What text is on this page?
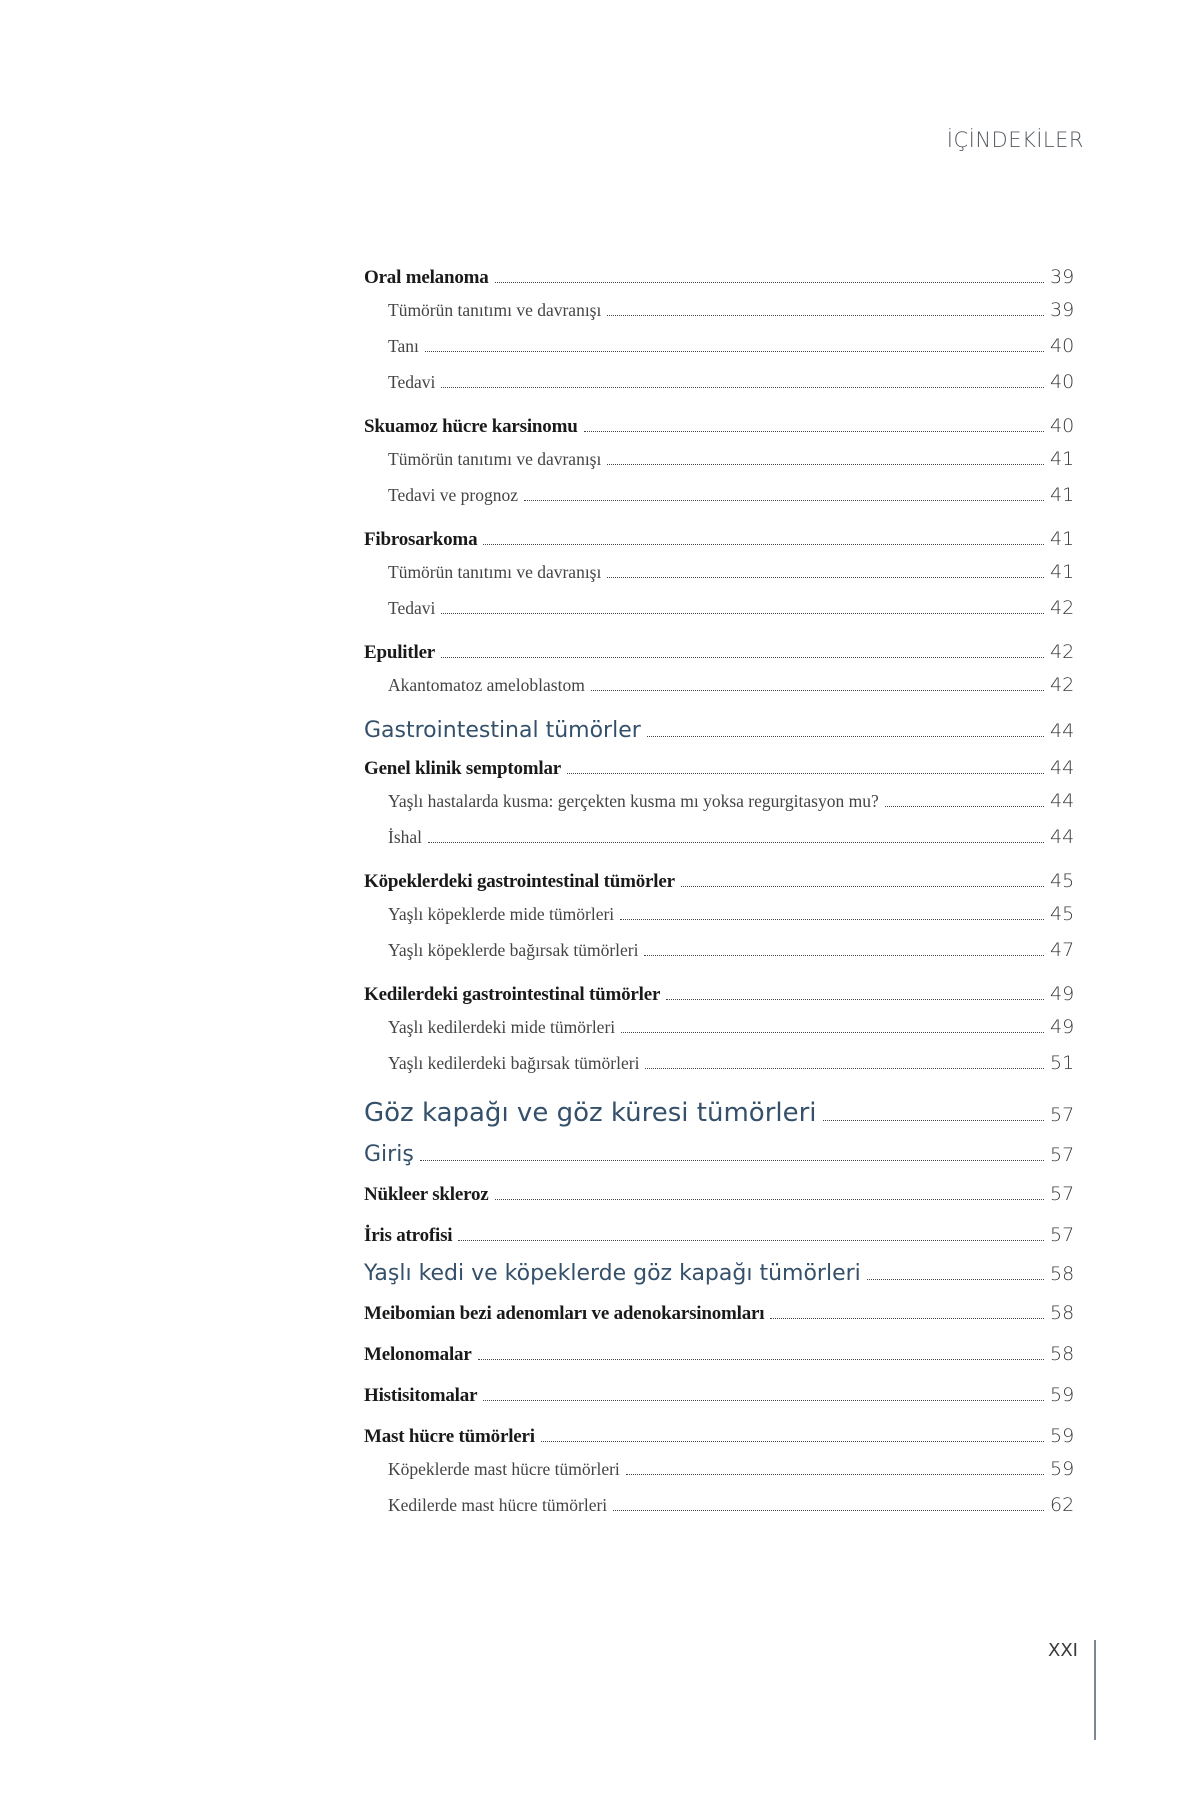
İÇİNDEKİLER
Oral melanoma	39
Tümörün tanıtımı ve davranışı	39
Tanı	40
Tedavi	40
Skuamoz hücre karsinomu	40
Tümörün tanıtımı ve davranışı	41
Tedavi ve prognoz	41
Fibrosarkoma	41
Tümörün tanıtımı ve davranışı	41
Tedavi	42
Epulitler	42
Akantomatoz ameloblastom	42
Gastrointestinal tümörler	44
Genel klinik semptomlar	44
Yaşlı hastalarda kusma: gerçekten kusma mı yoksa regurgitasyon mu?	44
İshal	44
Köpeklerdeki gastrointestinal tümörler	45
Yaşlı köpeklerde mide tümörleri	45
Yaşlı köpeklerde bağırsak tümörleri	47
Kedilerdeki gastrointestinal tümörler	49
Yaşlı kedilerdeki mide tümörleri	49
Yaşlı kedilerdeki bağırsak tümörleri	51
Göz kapağı ve göz küresi tümörleri	57
Giriş	57
Nükleer skleroz	57
İris atrofisi	57
Yaşlı kedi ve köpeklerde göz kapağı tümörleri	58
Meibomian bezi adenomları ve adenokarsinomları	58
Melonomalar	58
Histisitomalar	59
Mast hücre tümörleri	59
Köpeklerde mast hücre tümörleri	59
Kedilerde mast hücre tümörleri	62
XXI
